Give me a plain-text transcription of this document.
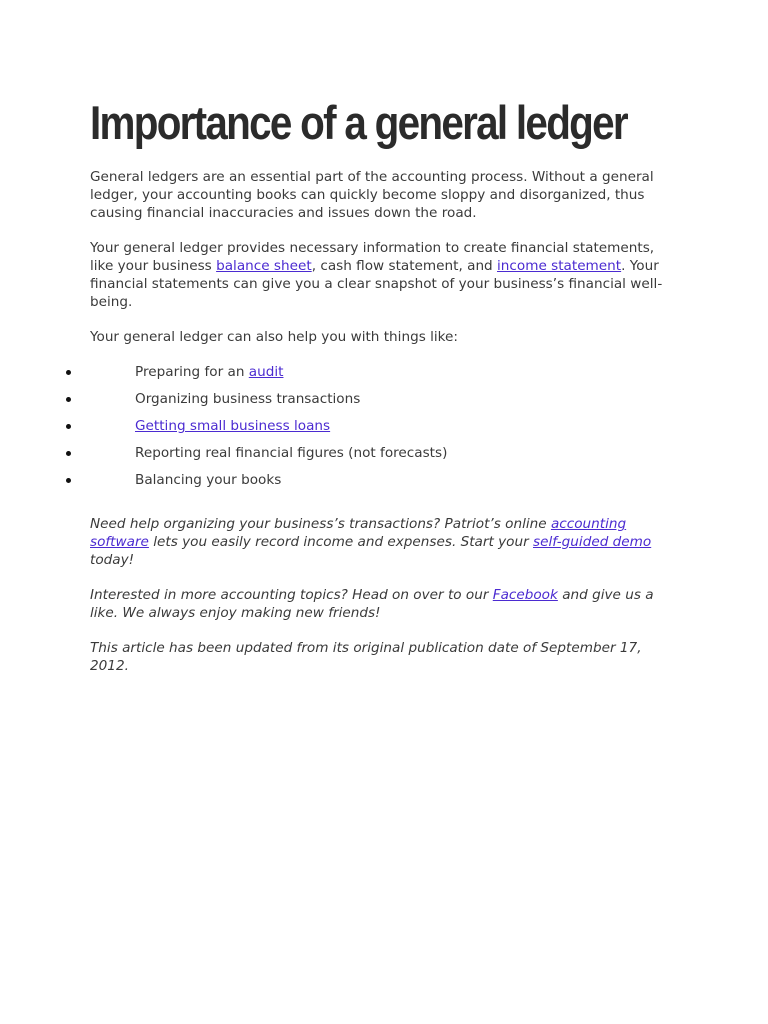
Importance of a general ledger

General ledgers are an essential part of the accounting process. Without a general ledger, your accounting books can quickly become sloppy and disorganized, thus causing financial inaccuracies and issues down the road.

Your general ledger provides necessary information to create financial statements, like your business balance sheet, cash flow statement, and income statement. Your financial statements can give you a clear snapshot of your business’s financial well-being.

Your general ledger can also help you with things like:

Preparing for an audit
Organizing business transactions
Getting small business loans
Reporting real financial figures (not forecasts)
Balancing your books

Need help organizing your business’s transactions? Patriot’s online accounting software lets you easily record income and expenses. Start your self-guided demo today!

Interested in more accounting topics? Head on over to our Facebook and give us a like. We always enjoy making new friends!

This article has been updated from its original publication date of September 17, 2012.
